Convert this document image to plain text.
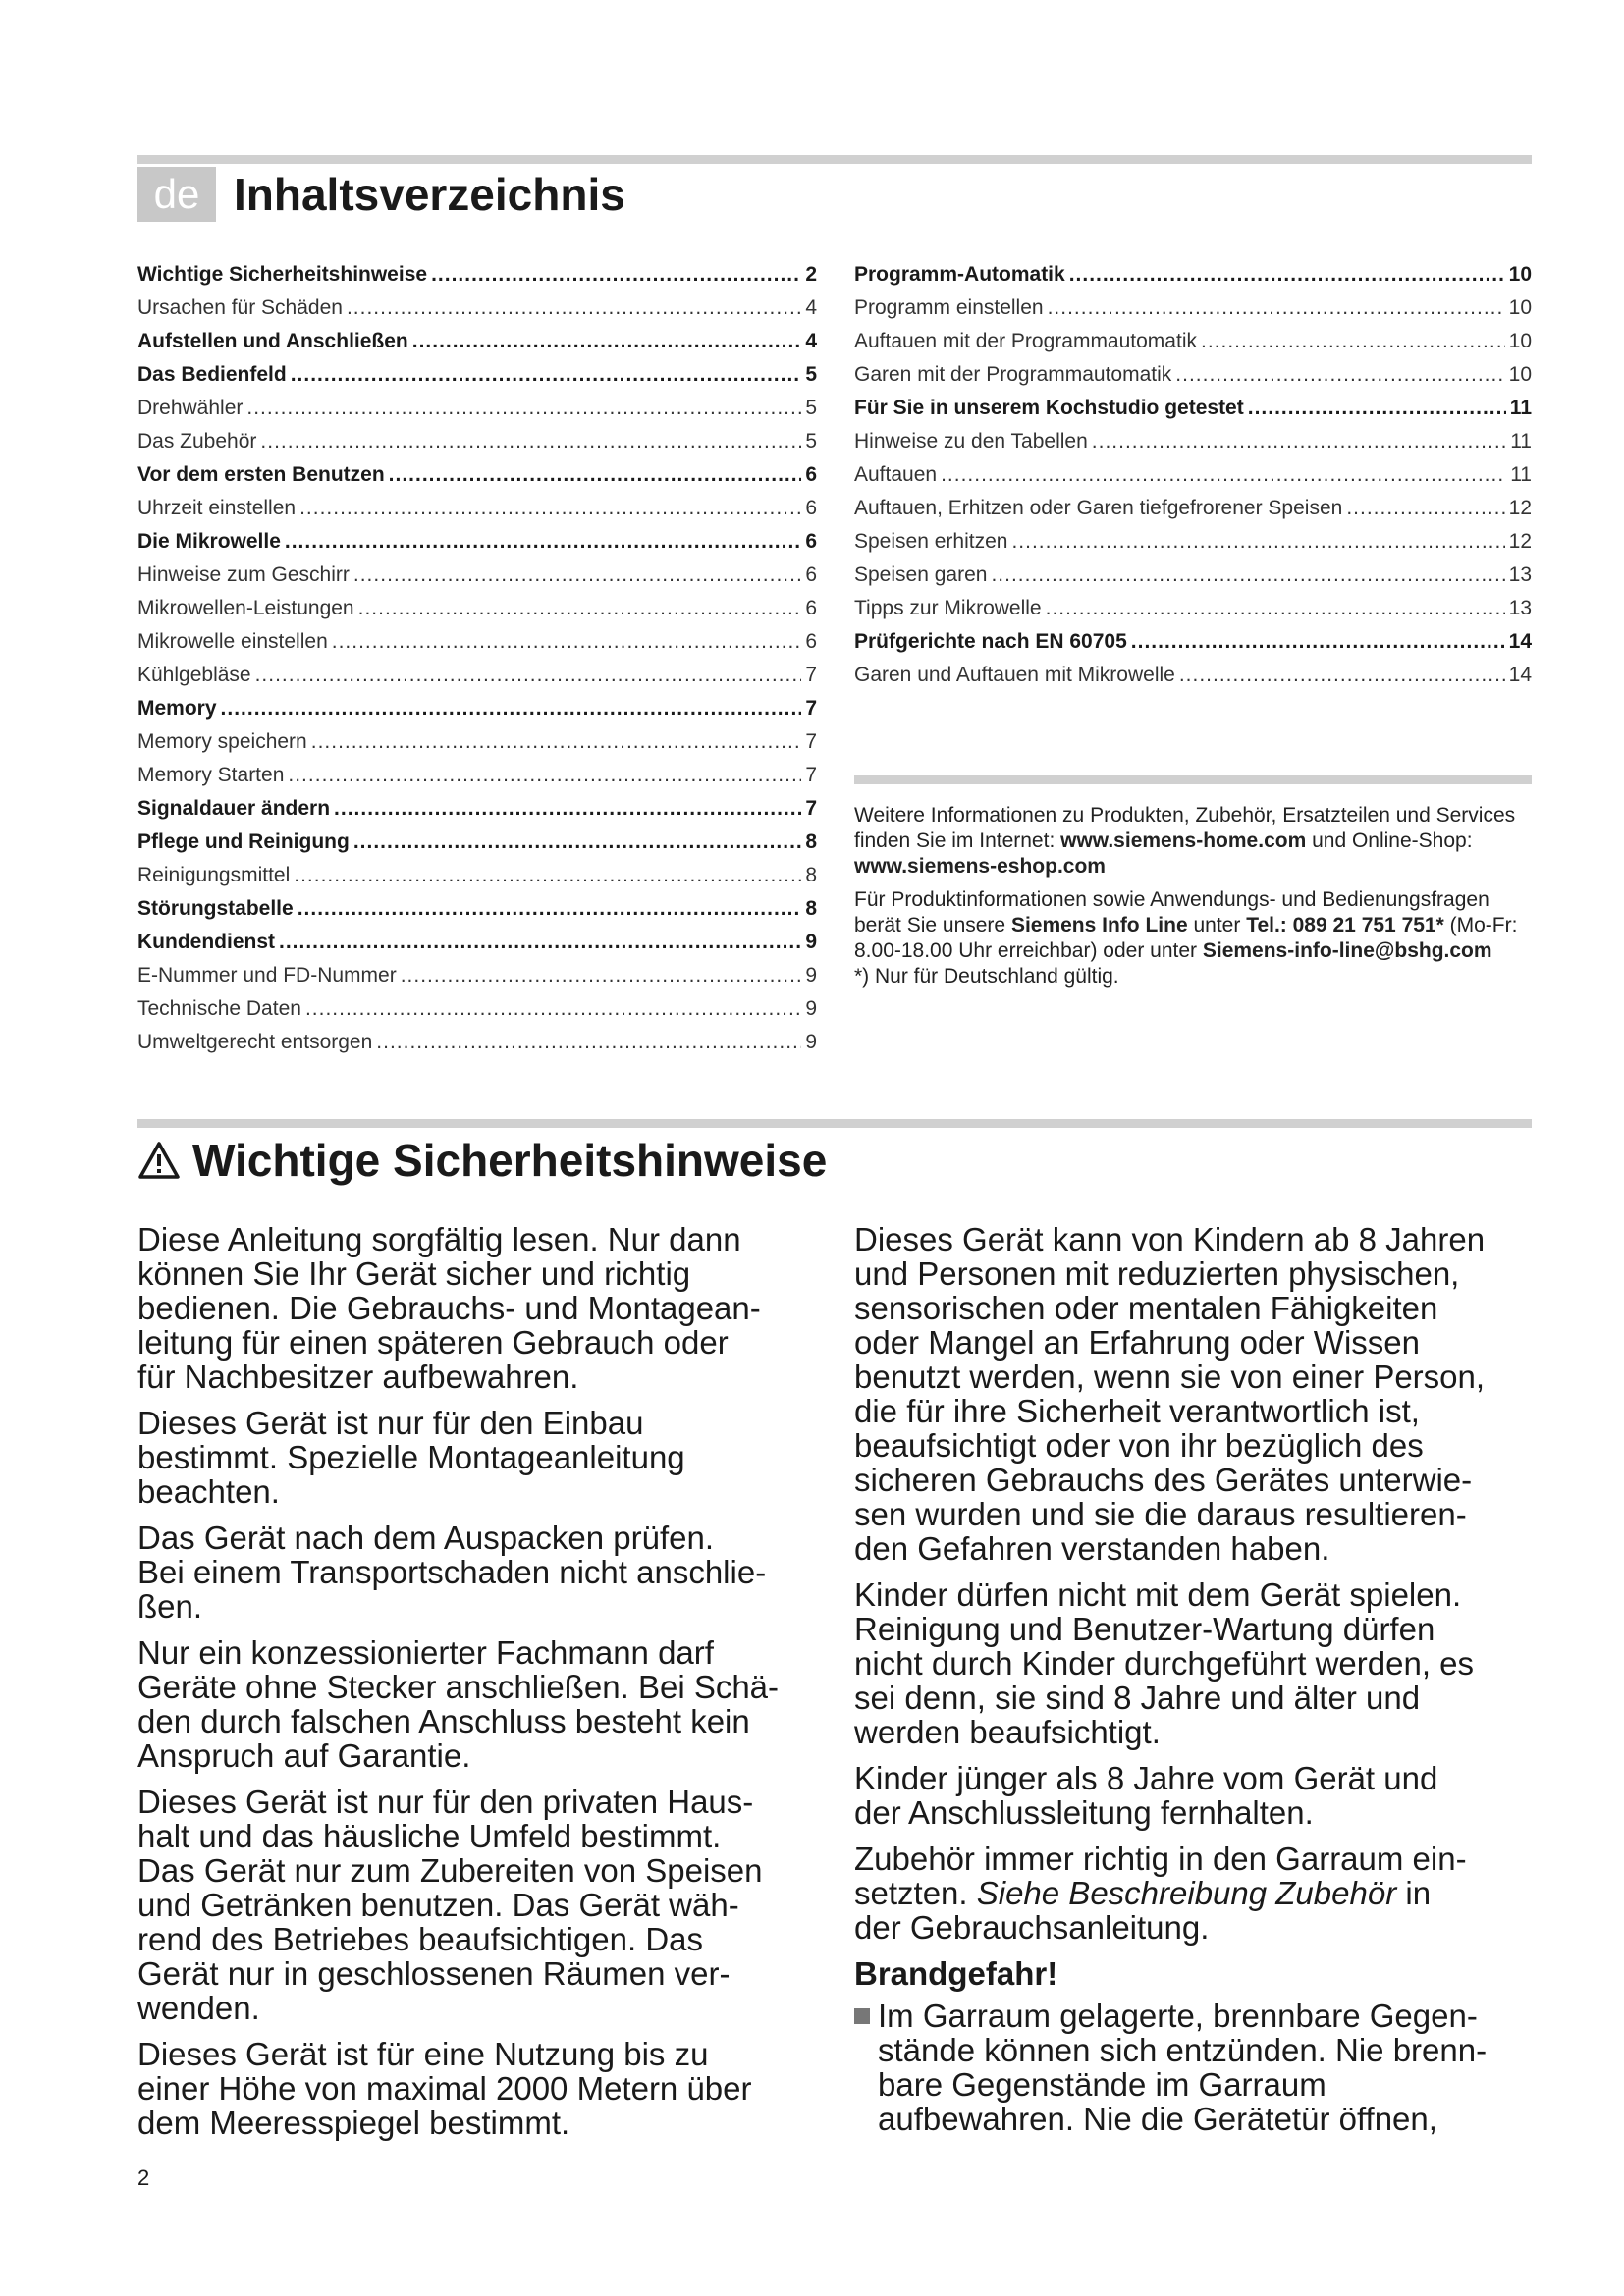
de Inhaltsverzeichnis
Wichtige Sicherheitshinweise .....	2
Ursachen für Schäden .....	4
Aufstellen und Anschließen .....	4
Das Bedienfeld .....	5
Drehwähler .....	5
Das Zubehör .....	5
Vor dem ersten Benutzen .....	6
Uhrzeit einstellen .....	6
Die Mikrowelle .....	6
Hinweise zum Geschirr .....	6
Mikrowellen-Leistungen .....	6
Mikrowelle einstellen .....	6
Kühlgebläse .....	7
Memory .....	7
Memory speichern .....	7
Memory Starten .....	7
Signaldauer ändern .....	7
Pflege und Reinigung .....	8
Reinigungsmittel .....	8
Störungstabelle .....	8
Kundendienst .....	9
E-Nummer und FD-Nummer .....	9
Technische Daten .....	9
Umweltgerecht entsorgen .....	9
Programm-Automatik .....	10
Programm einstellen .....	10
Auftauen mit der Programmautomatik .....	10
Garen mit der Programmautomatik .....	10
Für Sie in unserem Kochstudio getestet .....	11
Hinweise zu den Tabellen .....	11
Auftauen .....	11
Auftauen, Erhitzen oder Garen tiefgefrorener Speisen .....	12
Speisen erhitzen .....	12
Speisen garen .....	13
Tipps zur Mikrowelle .....	13
Prüfgerichte nach EN 60705 .....	14
Garen und Auftauen mit Mikrowelle .....	14
Weitere Informationen zu Produkten, Zubehör, Ersatzteilen und Services finden Sie im Internet: www.siemens-home.com und Online-Shop: www.siemens-eshop.com
Für Produktinformationen sowie Anwendungs- und Bedienungsfragen berät Sie unsere Siemens Info Line unter Tel.: 089 21 751 751* (Mo-Fr: 8.00-18.00 Uhr erreichbar) oder unter Siemens-info-line@bshg.com
*) Nur für Deutschland gültig.
Wichtige Sicherheitshinweise
Diese Anleitung sorgfältig lesen. Nur dann
können Sie Ihr Gerät sicher und richtig
bedienen. Die Gebrauchs- und Montagean-
leitung für einen späteren Gebrauch oder
für Nachbesitzer aufbewahren.
Dieses Gerät ist nur für den Einbau
bestimmt. Spezielle Montageanleitung
beachten.
Das Gerät nach dem Auspacken prüfen.
Bei einem Transportschaden nicht anschlie-
ßen.
Nur ein konzessionierter Fachmann darf
Geräte ohne Stecker anschließen. Bei Schä-
den durch falschen Anschluss besteht kein
Anspruch auf Garantie.
Dieses Gerät ist nur für den privaten Haus-
halt und das häusliche Umfeld bestimmt.
Das Gerät nur zum Zubereiten von Speisen
und Getränken benutzen. Das Gerät wäh-
rend des Betriebes beaufsichtigen. Das
Gerät nur in geschlossenen Räumen ver-
wenden.
Dieses Gerät ist für eine Nutzung bis zu
einer Höhe von maximal 2000 Metern über
dem Meeresspiegel bestimmt.
Dieses Gerät kann von Kindern ab 8 Jahren
und Personen mit reduzierten physischen,
sensorischen oder mentalen Fähigkeiten
oder Mangel an Erfahrung oder Wissen
benutzt werden, wenn sie von einer Person,
die für ihre Sicherheit verantwortlich ist,
beaufsichtigt oder von ihr bezüglich des
sicheren Gebrauchs des Gerätes unterwie-
sen wurden und sie die daraus resultieren-
den Gefahren verstanden haben.
Kinder dürfen nicht mit dem Gerät spielen.
Reinigung und Benutzer-Wartung dürfen
nicht durch Kinder durchgeführt werden, es
sei denn, sie sind 8 Jahre und älter und
werden beaufsichtigt.
Kinder jünger als 8 Jahre vom Gerät und
der Anschlussleitung fernhalten.
Zubehör immer richtig in den Garraum ein-
setzten. Siehe Beschreibung Zubehör in
der Gebrauchsanleitung.
Brandgefahr!
Im Garraum gelagerte, brennbare Gegen-
stände können sich entzünden. Nie brenn-
bare Gegenstände im Garraum
aufbewahren. Nie die Gerätetür öffnen,
2
